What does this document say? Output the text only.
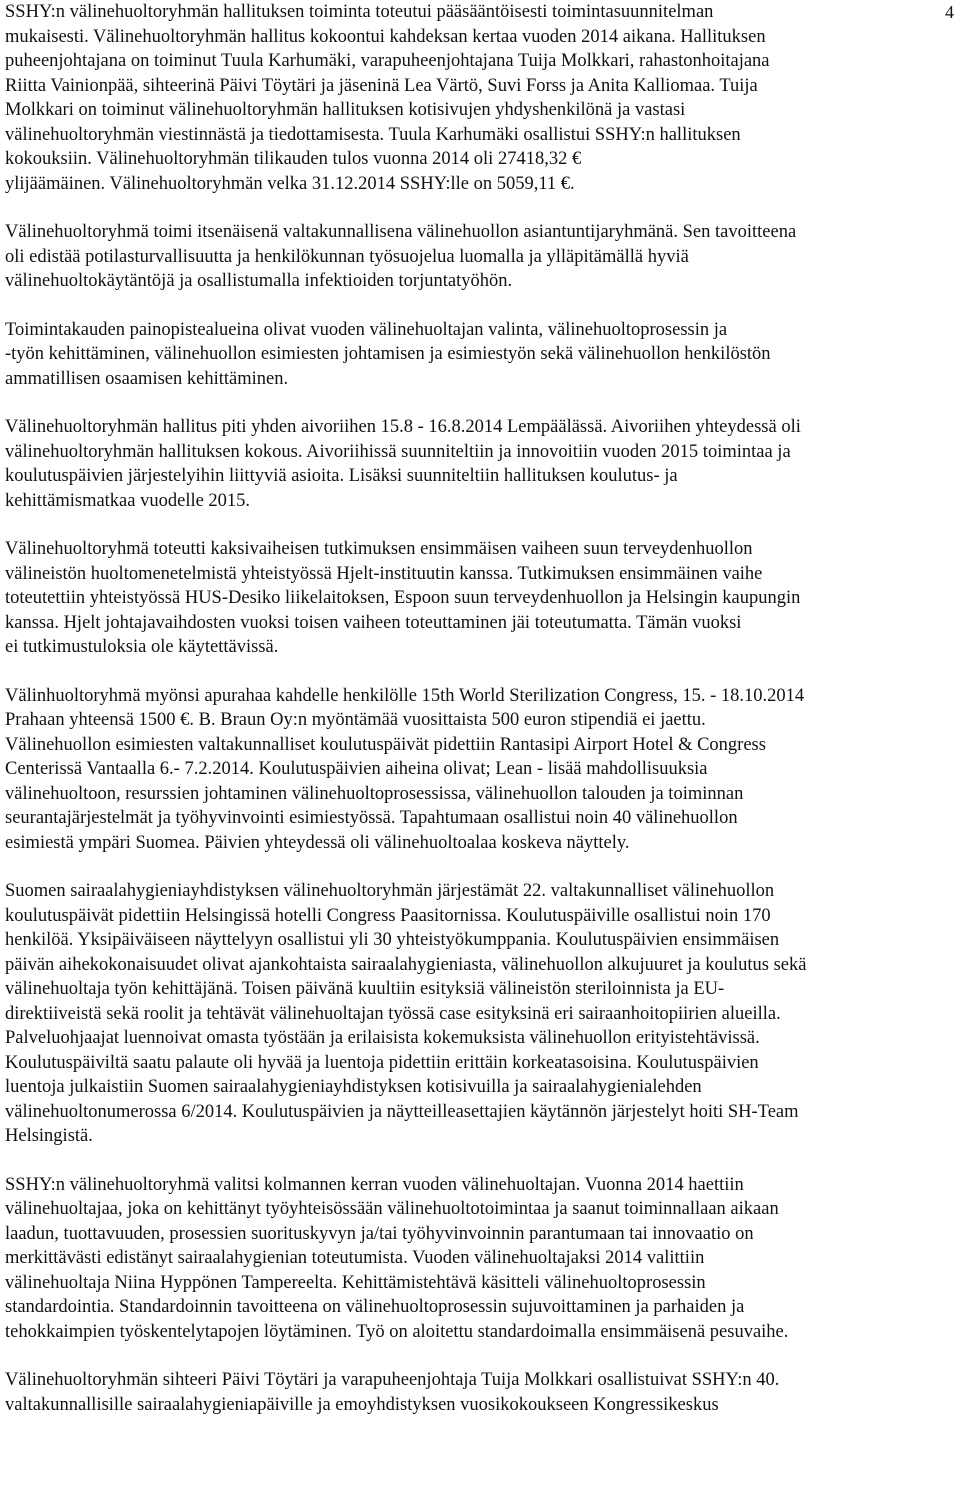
4
SSHY:n välinehuoltoryhmän hallituksen toiminta toteutui pääsääntöisesti toimintasuunnitelman
mukaisesti. Välinehuoltoryhmän hallitus kokoontui kahdeksan kertaa vuoden 2014 aikana. Hallituksen
puheenjohtajana on toiminut Tuula Karhumäki, varapuheenjohtajana Tuija Molkkari, rahastonhoitajana
Riitta Vainionpää, sihteerinä Päivi Töytäri ja jäseninä Lea Värtö, Suvi Forss ja Anita Kalliomaa. Tuija
Molkkari on toiminut välinehuoltoryhmän hallituksen kotisivujen yhdyshenkilönä ja vastasi
välinehuoltoryhmän viestinnästä ja tiedottamisesta. Tuula Karhumäki osallistui SSHY:n hallituksen
kokouksiin. Välinehuoltoryhmän tilikauden tulos vuonna 2014 oli 27418,32 €
ylijäämäinen. Välinehuoltoryhmän velka 31.12.2014 SSHY:lle on 5059,11 €.
Välinehuoltoryhmä toimi itsenäisenä valtakunnallisena välinehuollon asiantuntijaryhmänä. Sen tavoitteena
oli edistää potilasturvallisuutta ja henkilökunnan työsuojelua luomalla ja ylläpitämällä hyviä
välinehuoltokäytäntöjä ja osallistumalla infektioiden torjuntatyöhön.
Toimintakauden painopistealueina olivat vuoden välinehuoltajan valinta, välinehuoltoprosessin ja
-työn kehittäminen, välinehuollon esimiesten johtamisen ja esimiestyön sekä välinehuollon henkilöstön
ammatillisen osaamisen kehittäminen.
Välinehuoltoryhmän hallitus piti yhden aivoriihen 15.8 - 16.8.2014 Lempäälässä. Aivoriihen yhteydessä oli
välinehuoltoryhmän hallituksen kokous. Aivoriihissä suunniteltiin ja innovoitiin vuoden 2015 toimintaa ja
koulutuspäivien järjestelyihin liittyviä asioita. Lisäksi suunniteltiin hallituksen koulutus- ja
kehittämismatkaa vuodelle 2015.
Välinehuoltoryhmä toteutti kaksivaiheisen tutkimuksen ensimmäisen vaiheen suun terveydenhuollon
välineistön huoltomenetelmistä yhteistyössä Hjelt-instituutin kanssa. Tutkimuksen ensimmäinen vaihe
toteutettiin yhteistyössä HUS-Desiko liikelaitoksen, Espoon suun terveydenhuollon ja Helsingin kaupungin
kanssa. Hjelt johtajavaihdosten vuoksi toisen vaiheen toteuttaminen jäi toteutumatta. Tämän vuoksi
ei tutkimustuloksia ole käytettävissä.
Välinhuoltoryhmä myönsi apurahaa kahdelle henkilölle 15th World Sterilization Congress, 15. - 18.10.2014
Prahaan yhteensä 1500 €. B. Braun Oy:n myöntämää vuosittaista 500 euron stipendiä ei jaettu.
Välinehuollon esimiesten valtakunnalliset koulutuspäivät pidettiin Rantasipi Airport Hotel & Congress
Centerissä Vantaalla 6.- 7.2.2014. Koulutuspäivien aiheina olivat; Lean - lisää mahdollisuuksia
välinehuoltoon, resurssien johtaminen välinehuoltoprosessissa, välinehuollon talouden ja toiminnan
seurantajärjestelmät ja työhyvinvointi esimiestyössä. Tapahtumaan osallistui noin 40 välinehuollon
esimiestä ympäri Suomea. Päivien yhteydessä oli välinehuoltoalaa koskeva näyttely.
Suomen sairaalahygieniayhdistyksen välinehuoltoryhmän järjestämät 22. valtakunnalliset välinehuollon
koulutuspäivät pidettiin Helsingissä hotelli Congress Paasitornissa. Koulutuspäiville osallistui noin 170
henkilöä. Yksipäiväiseen näyttelyyn osallistui yli 30 yhteistyökumppania. Koulutuspäivien ensimmäisen
päivän aihekokonaisuudet olivat ajankohtaista sairaalahygieniasta, välinehuollon alkujuuret ja koulutus sekä
välinehuoltaja työn kehittäjänä. Toisen päivänä kuultiin esityksiä välineistön steriloinnista ja EU-
direktiiveistä sekä roolit ja tehtävät välinehuoltajan työssä case esityksinä eri sairaanhoitopiirien alueilla.
Palveluohjaajat luennoivat omasta työstään ja erilaisista kokemuksista välinehuollon erityistehtävissä.
Koulutuspäiviltä saatu palaute oli hyvää ja luentoja pidettiin erittäin korkeatasoisina. Koulutuspäivien
luentoja julkaistiin Suomen sairaalahygieniayhdistyksen kotisivuilla ja sairaalahygienialehden
välinehuoltonumerossa 6/2014. Koulutuspäivien ja näytteilleasettajien käytännön järjestelyt hoiti SH-Team
Helsingistä.
SSHY:n välinehuoltoryhmä valitsi kolmannen kerran vuoden välinehuoltajan. Vuonna 2014 haettiin
välinehuoltajaa, joka on kehittänyt työyhteisössään välinehuoltotoimintaa ja saanut toiminnallaan aikaan
laadun, tuottavuuden, prosessien suorituskyvyn ja/tai työhyvinvoinnin parantumaan tai innovaatio on
merkittävästi edistänyt sairaalahygienian toteutumista. Vuoden välinehuoltajaksi 2014 valittiin
välinehuoltaja Niina Hyppönen Tampereelta. Kehittämistehtävä käsitteli välinehuoltoprosessin
standardointia. Standardoinnin tavoitteena on välinehuoltoprosessin sujuvoittaminen ja parhaiden ja
tehokkaimpien työskentelytapojen löytäminen. Työ on aloitettu standardoimalla ensimmäisenä pesuvaihe.
Välinehuoltoryhmän sihteeri Päivi Töytäri ja varapuheenjohtaja Tuija Molkkari osallistuivat SSHY:n 40.
valtakunnallisille sairaalahygieniapäiville ja emoyhdistyksen vuosikokoukseen Kongressikeskus
